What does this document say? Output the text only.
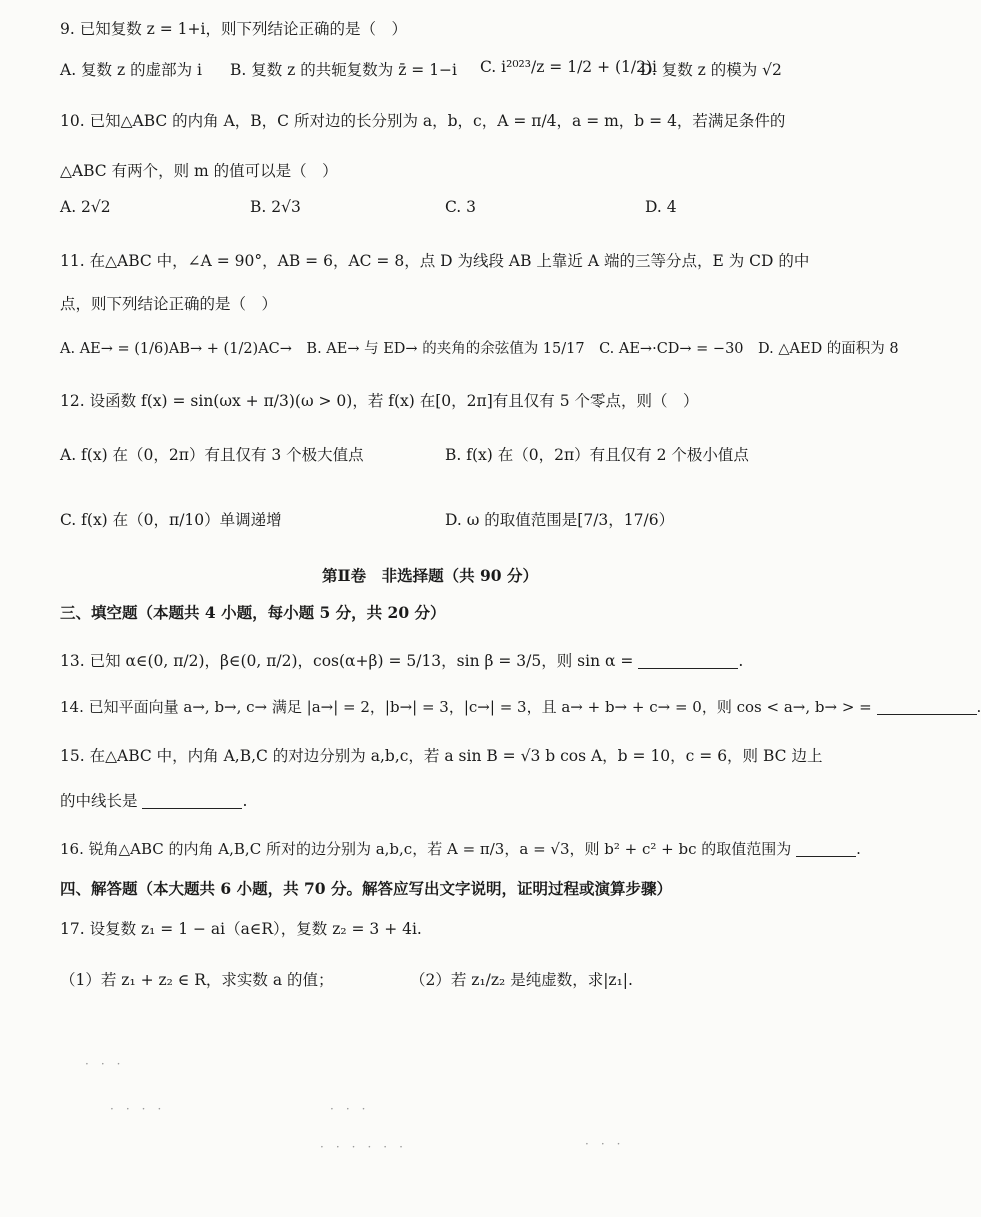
9. 已知复数 z = 1+i，则下列结论正确的是（　）
A. 复数 z 的虚部为 i B. 复数 z 的共轭复数为 z̄ = 1−i C. i²⁰²³/z = 1/2 + (1/2)i
D. 复数 z 的模为 √2
10. 已知△ABC 的内角 A，B，C 所对边的长分别为 a，b，c，A = π/4，a = m，b = 4，若满足条件的
△ABC 有两个，则 m 的值可以是（　）
A. 2√2	B. 2√3	C. 3	D. 4
11. 在△ABC 中，∠A = 90°，AB = 6，AC = 8，点 D 为线段 AB 上靠近 A 端的三等分点，E 为 CD 的中
点，则下列结论正确的是（　）
A. AE→ = (1/6)AB→ + (1/2)AC→　B. AE→ 与 ED→ 的夹角的余弦值为 15/17　C. AE→·CD→ = −30　D. △AED 的面积为 8
12. 设函数 f(x) = sin(ωx + π/3)(ω > 0)，若 f(x) 在[0，2π]有且仅有 5 个零点，则（　）
A. f(x) 在（0，2π）有且仅有 3 个极大值点	B. f(x) 在（0，2π）有且仅有 2 个极小值点
C. f(x) 在（0，π/10）单调递增	D. ω 的取值范围是[7/3，17/6）
第Ⅱ卷　非选择题（共 90 分）
三、填空题（本题共 4 小题，每小题 5 分，共 20 分）
13. 已知 α∈(0, π/2)，β∈(0, π/2)，cos(α+β) = 5/13，sin β = 3/5，则 sin α =	.
14. 已知平面向量 a→, b→, c→ 满足 |a→| = 2，|b→| = 3，|c→| = 3，且 a→ + b→ + c→ = 0，则 cos < a→, b→ > =	.
15. 在△ABC 中，内角 A,B,C 的对边分别为 a,b,c，若 a sin B = √3 b cos A，b = 10，c = 6，则 BC 边上
的中线长是	.
16. 锐角△ABC 的内角 A,B,C 所对的边分别为 a,b,c，若 A = π/3，a = √3，则 b² + c² + bc 的取值范围为	.
四、解答题（本大题共 6 小题，共 70 分。解答应写出文字说明，证明过程或演算步骤）
17. 设复数 z₁ = 1 − ai（a∈R），复数 z₂ = 3 + 4i.
（1）若 z₁ + z₂ ∈ R，求实数 a 的值；	（2）若 z₁/z₂ 是纯虚数，求|z₁|.
·　·　·
·　·　·　·	·　·　·
·　·　·　·　·　·	·　·　·
